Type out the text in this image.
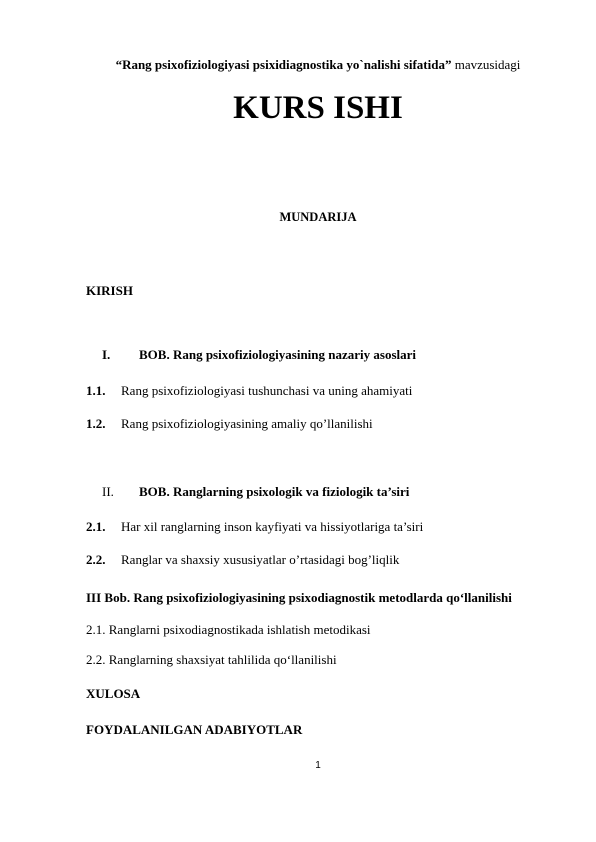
“Rang psixofiziologiyasi psixidiagnostika yo`nalishi sifatida” mavzusidagi
KURS ISHI
MUNDARIJA
KIRISH
I. BOB. Rang psixofiziologiyasining nazariy asoslari
1.1. Rang psixofiziologiyasi tushunchasi va uning ahamiyati
1.2. Rang psixofiziologiyasining amaliy qo’llanilishi
II. BOB. Ranglarning psixologik va fiziologik ta’siri
2.1. Har xil ranglarning inson kayfiyati va hissiyotlariga ta’siri
2.2. Ranglar va shaxsiy xususiyatlar o’rtasidagi bog’liqlik
III Bob. Rang psixofiziologiyasining psixodiagnostik metodlarda qo‘llanilishi
2.1. Ranglarni psixodiagnostikada ishlatish metodikasi
2.2. Ranglarning shaxsiyat tahlilida qo‘llanilishi
XULOSA
FOYDALANILGAN ADABIYOTLAR
1
